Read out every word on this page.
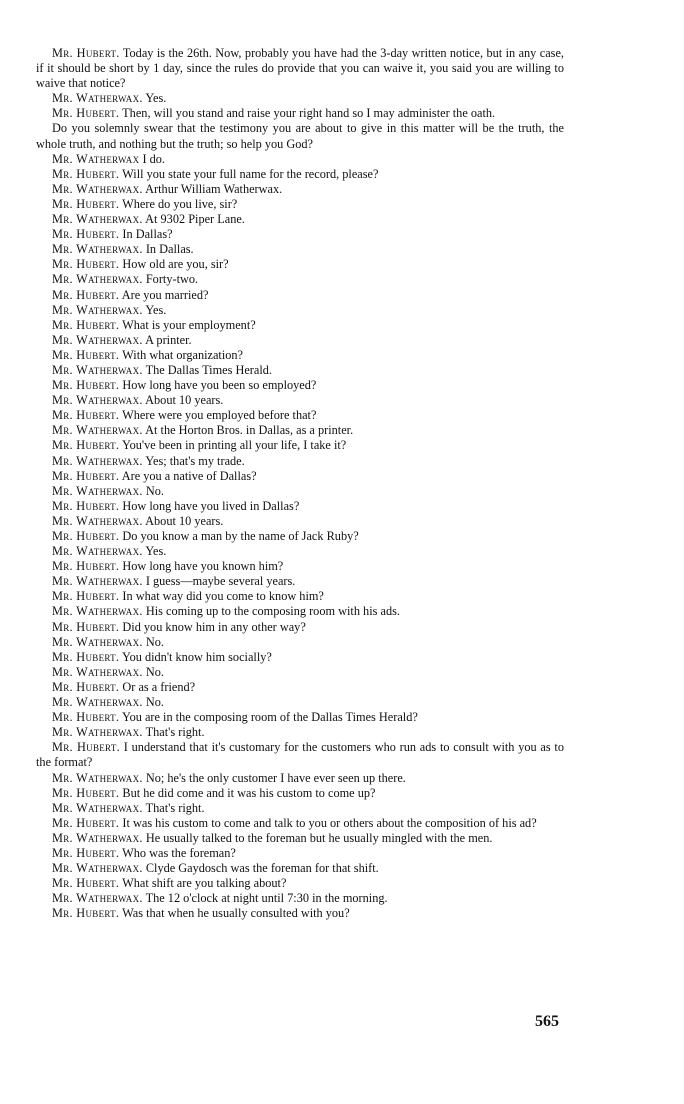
Mr. Hubert. Today is the 26th. Now, probably you have had the 3-day written notice, but in any case, if it should be short by 1 day, since the rules do provide that you can waive it, you said you are willing to waive that notice?

Mr. Watherwax. Yes.

Mr. Hubert. Then, will you stand and raise your right hand so I may administer the oath.

Do you solemnly swear that the testimony you are about to give in this matter will be the truth, the whole truth, and nothing but the truth; so help you God?

Mr. Watherwax I do.

Mr. Hubert. Will you state your full name for the record, please?

Mr. Watherwax. Arthur William Watherwax.

Mr. Hubert. Where do you live, sir?

Mr. Watherwax. At 9302 Piper Lane.

Mr. Hubert. In Dallas?

Mr. Watherwax. In Dallas.

Mr. Hubert. How old are you, sir?

Mr. Watherwax. Forty-two.

Mr. Hubert. Are you married?

Mr. Watherwax. Yes.

Mr. Hubert. What is your employment?

Mr. Watherwax. A printer.

Mr. Hubert. With what organization?

Mr. Watherwax. The Dallas Times Herald.

Mr. Hubert. How long have you been so employed?

Mr. Watherwax. About 10 years.

Mr. Hubert. Where were you employed before that?

Mr. Watherwax. At the Horton Bros. in Dallas, as a printer.

Mr. Hubert. You've been in printing all your life, I take it?

Mr. Watherwax. Yes; that's my trade.

Mr. Hubert. Are you a native of Dallas?

Mr. Watherwax. No.

Mr. Hubert. How long have you lived in Dallas?

Mr. Watherwax. About 10 years.

Mr. Hubert. Do you know a man by the name of Jack Ruby?

Mr. Watherwax. Yes.

Mr. Hubert. How long have you known him?

Mr. Watherwax. I guess—maybe several years.

Mr. Hubert. In what way did you come to know him?

Mr. Watherwax. His coming up to the composing room with his ads.

Mr. Hubert. Did you know him in any other way?

Mr. Watherwax. No.

Mr. Hubert. You didn't know him socially?

Mr. Watherwax. No.

Mr. Hubert. Or as a friend?

Mr. Watherwax. No.

Mr. Hubert. You are in the composing room of the Dallas Times Herald?

Mr. Watherwax. That's right.

Mr. Hubert. I understand that it's customary for the customers who run ads to consult with you as to the format?

Mr. Watherwax. No; he's the only customer I have ever seen up there.

Mr. Hubert. But he did come and it was his custom to come up?

Mr. Watherwax. That's right.

Mr. Hubert. It was his custom to come and talk to you or others about the composition of his ad?

Mr. Watherwax. He usually talked to the foreman but he usually mingled with the men.

Mr. Hubert. Who was the foreman?

Mr. Watherwax. Clyde Gaydosch was the foreman for that shift.

Mr. Hubert. What shift are you talking about?

Mr. Watherwax. The 12 o'clock at night until 7:30 in the morning.

Mr. Hubert. Was that when he usually consulted with you?

565
